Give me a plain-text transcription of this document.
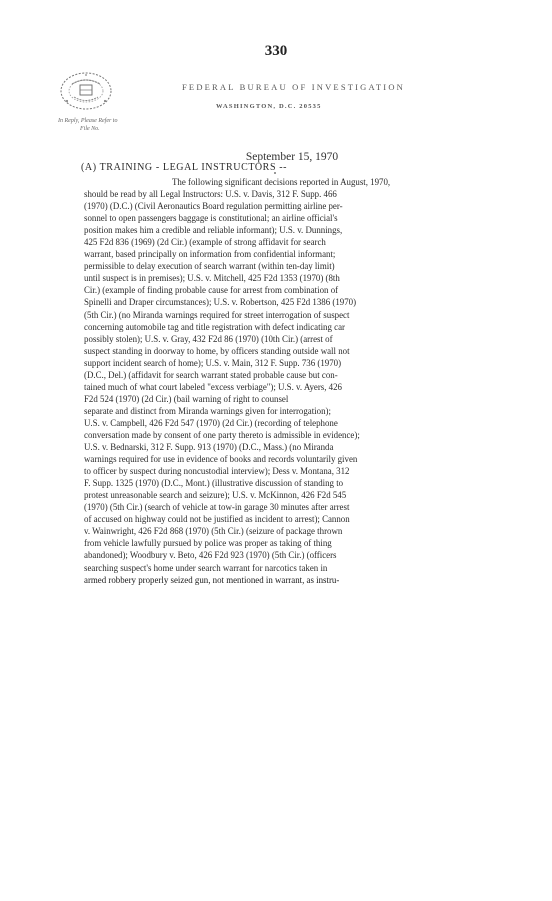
330
FEDERAL BUREAU OF INVESTIGATION
WASHINGTON, D.C. 20535
In Reply, Please Refer to
File No.
September 15, 1970
(A) TRAINING - LEGAL INSTRUCTORS --
The following significant decisions reported in August, 1970,
should be read by all Legal Instructors: U.S. v. Davis, 312 F. Supp. 466
(1970) (D.C.) (Civil Aeronautics Board regulation permitting airline per-
sonnel to open passengers baggage is constitutional; an airline official's
position makes him a credible and reliable informant); U.S. v. Dunnings,
425 F2d 836 (1969) (2d Cir.) (example of strong affidavit for search
warrant, based principally on information from confidential informant;
permissible to delay execution of search warrant (within ten-day limit)
until suspect is in premises); U.S. v. Mitchell, 425 F2d 1353 (1970) (8th
Cir.) (example of finding probable cause for arrest from combination of
Spinelli and Draper circumstances); U.S. v. Robertson, 425 F2d 1386 (1970)
(5th Cir.) (no Miranda warnings required for street interrogation of suspect
concerning automobile tag and title registration with defect indicating car
possibly stolen); U.S. v. Gray, 432 F2d 86 (1970) (10th Cir.) (arrest of
suspect standing in doorway to home, by officers standing outside wall not
support incident search of home); U.S. v. Main, 312 F. Supp. 736 (1970)
(D.C., Del.) (affidavit for search warrant stated probable cause but con-
tained much of what court labeled "excess verbiage"); U.S. v. Ayers, 426
F2d 524 (1970) (2d Cir.) (bail warning of right to counsel
separate and distinct from Miranda warnings given for interrogation);
U.S. v. Campbell, 426 F2d 547 (1970) (2d Cir.) (recording of telephone
conversation made by consent of one party thereto is admissible in evidence);
U.S. v. Bednarski, 312 F. Supp. 913 (1970) (D.C., Mass.) (no Miranda
warnings required for use in evidence of books and records voluntarily given
to officer by suspect during noncustodial interview); Dess v. Montana, 312
F. Supp. 1325 (1970) (D.C., Mont.) (illustrative discussion of standing to
protest unreasonable search and seizure); U.S. v. McKinnon, 426 F2d 545
(1970) (5th Cir.) (search of vehicle at tow-in garage 30 minutes after arrest
of accused on highway could not be justified as incident to arrest); Cannon
v. Wainwright, 426 F2d 868 (1970) (5th Cir.) (seizure of package thrown
from vehicle lawfully pursued by police was proper as taking of thing
abandoned); Woodbury v. Beto, 426 F2d 923 (1970) (5th Cir.) (officers
searching suspect's home under search warrant for narcotics taken in
armed robbery properly seized gun, not mentioned in warrant, as instru-
